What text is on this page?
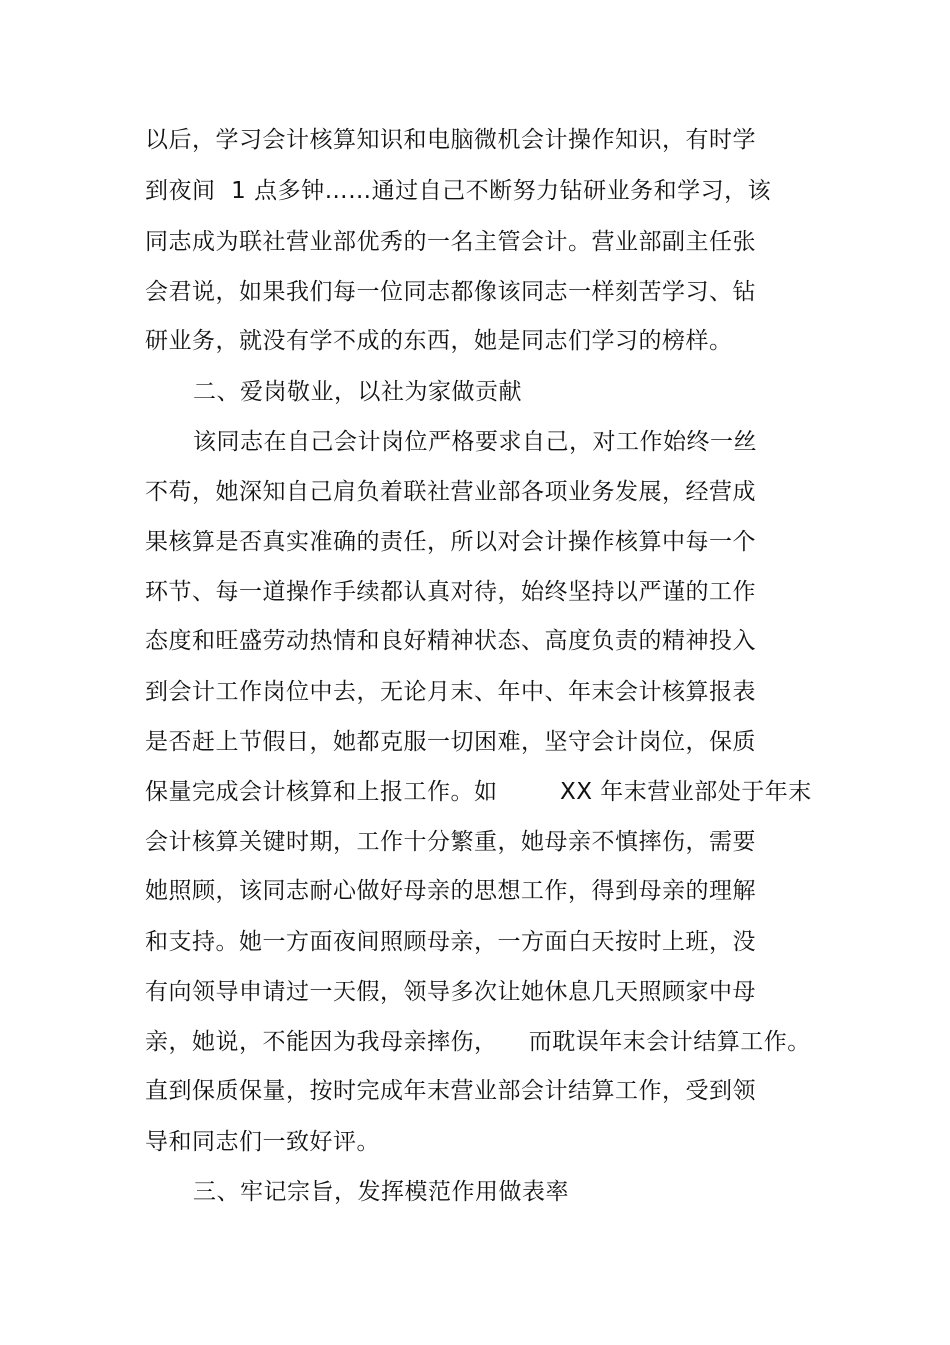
以后，学习会计核算知识和电脑微机会计操作知识，有时学
到夜间  1 点多钟……通过自己不断努力钻研业务和学习，该
同志成为联社营业部优秀的一名主管会计。营业部副主任张
会君说，如果我们每一位同志都像该同志一样刻苦学习、钻
研业务，就没有学不成的东西，她是同志们学习的榜样。
二、爱岗敬业，以社为家做贡献
该同志在自己会计岗位严格要求自己，对工作始终一丝
不苟，她深知自己肩负着联社营业部各项业务发展，经营成
果核算是否真实准确的责任，所以对会计操作核算中每一个
环节、每一道操作手续都认真对待，始终坚持以严谨的工作
态度和旺盛劳动热情和良好精神状态、高度负责的精神投入
到会计工作岗位中去，无论月末、年中、年末会计核算报表
是否赶上节假日，她都克服一切困难，坚守会计岗位，保质
保量完成会计核算和上报工作。如        XX 年末营业部处于年末
会计核算关键时期，工作十分繁重，她母亲不慎摔伤，需要
她照顾，该同志耐心做好母亲的思想工作，得到母亲的理解
和支持。她一方面夜间照顾母亲，一方面白天按时上班，没
有向领导申请过一天假，领导多次让她休息几天照顾家中母
亲，她说，不能因为我母亲摔伤，    而耽误年末会计结算工作。
直到保质保量，按时完成年末营业部会计结算工作，受到领
导和同志们一致好评。
三、牢记宗旨，发挥模范作用做表率
